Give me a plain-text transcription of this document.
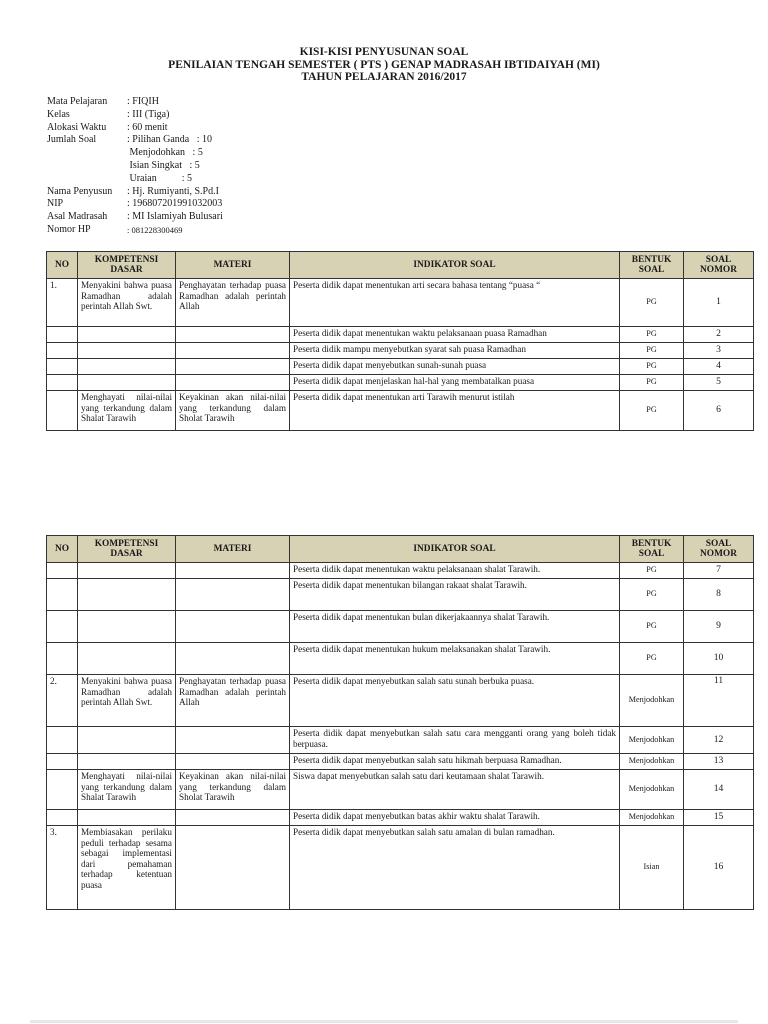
KISI-KISI PENYUSUNAN SOAL
PENILAIAN TENGAH SEMESTER ( PTS ) GENAP MADRASAH IBTIDAIYAH (MI)
TAHUN PELAJARAN 2016/2017
Mata Pelajaran	: FIQIH
Kelas	: III (Tiga)
Alokasi Waktu	: 60 menit
Jumlah Soal	: Pilihan Ganda   : 10
Menjodohkan   : 5
Isian Singkat   : 5
Uraian          : 5
Nama Penyusun	: Hj. Rumiyanti, S.Pd.I
NIP	: 196807201991032003
Asal Madrasah	: MI Islamiyah Bulusari
Nomor HP	: 081228300469
NO	KOMPETENSI DASAR	MATERI	INDIKATOR SOAL	BENTUK SOAL	SOAL NOMOR
1.	Menyakini bahwa puasa Ramadhan adalah perintah Allah Swt.	Penghayatan terhadap puasa Ramadhan adalah perintah Allah	Peserta didik dapat menentukan arti secara bahasa tentang “puasa “	PG	1
			Peserta didik dapat menentukan waktu pelaksanaan puasa Ramadhan	PG	2
			Peserta didik mampu menyebutkan syarat sah puasa Ramadhan	PG	3
			Peserta didik dapat menyebutkan sunah-sunah puasa	PG	4
			Peserta didik dapat menjelaskan hal-hal yang membatalkan puasa	PG	5
	Menghayati nilai-nilai yang terkandung dalam Shalat Tarawih	Keyakinan akan nilai-nilai yang terkandung dalam Sholat Tarawih	Peserta didik dapat menentukan arti Tarawih menurut istilah	PG	6
NO	KOMPETENSI DASAR	MATERI	INDIKATOR SOAL	BENTUK SOAL	SOAL NOMOR
			Peserta didik dapat menentukan waktu pelaksanaan shalat Tarawih.	PG	7
			Peserta didik dapat menentukan bilangan rakaat shalat Tarawih.	PG	8
			Peserta didik dapat menentukan bulan dikerjakaannya shalat Tarawih.	PG	9
			Peserta didik dapat menentukan hukum melaksanakan shalat Tarawih.	PG	10
2.	Menyakini bahwa puasa Ramadhan adalah perintah Allah Swt.	Penghayatan terhadap puasa Ramadhan adalah perintah Allah	Peserta didik dapat menyebutkan salah satu sunah berbuka puasa.	Menjodohkan	11
			Peserta didik dapat menyebutkan salah satu cara mengganti orang yang boleh tidak berpuasa.	Menjodohkan	12
			Peserta didik dapat menyebutkan salah satu hikmah berpuasa Ramadhan.	Menjodohkan	13
	Menghayati nilai-nilai yang terkandung dalam Shalat Tarawih	Keyakinan akan nilai-nilai yang terkandung dalam Sholat Tarawih	Siswa dapat menyebutkan salah satu dari keutamaan shalat Tarawih.	Menjodohkan	14
			Peserta didik dapat menyebutkan batas akhir waktu shalat Tarawih.	Menjodohkan	15
3.	Membiasakan perilaku peduli terhadap sesama sebagai implementasi dari pemahaman terhadap ketentuan puasa		Peserta didik dapat menyebutkan salah satu amalan di bulan ramadhan.	Isian	16
